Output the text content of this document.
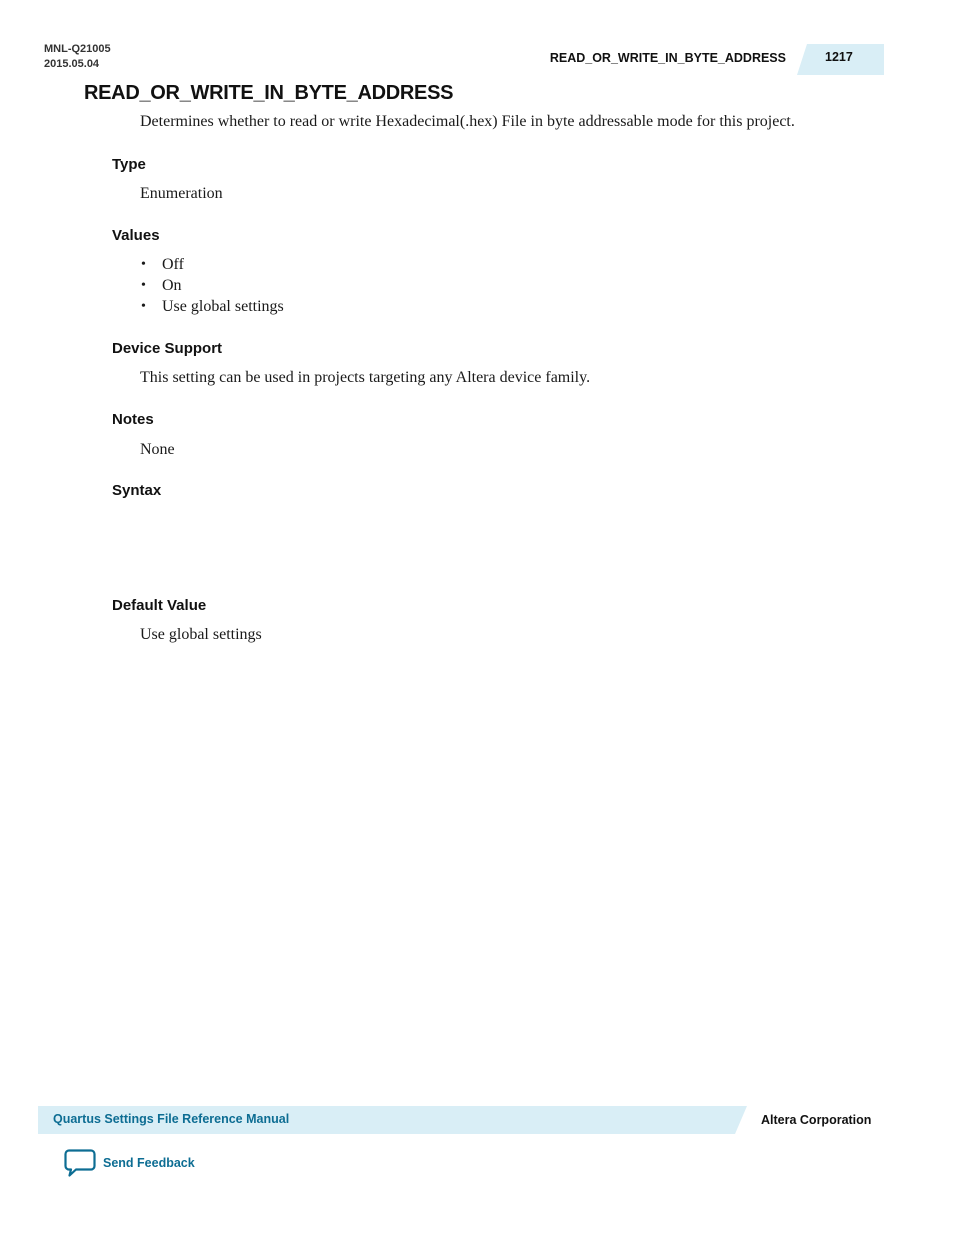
MNL-Q21005
2015.05.04	READ_OR_WRITE_IN_BYTE_ADDRESS	1217
READ_OR_WRITE_IN_BYTE_ADDRESS
Determines whether to read or write Hexadecimal(.hex) File in byte addressable mode for this project.
Type
Enumeration
Values
• Off
• On
• Use global settings
Device Support
This setting can be used in projects targeting any Altera device family.
Notes
None
Syntax
Default Value
Use global settings
Quartus Settings File Reference Manual	Altera Corporation
Send Feedback
